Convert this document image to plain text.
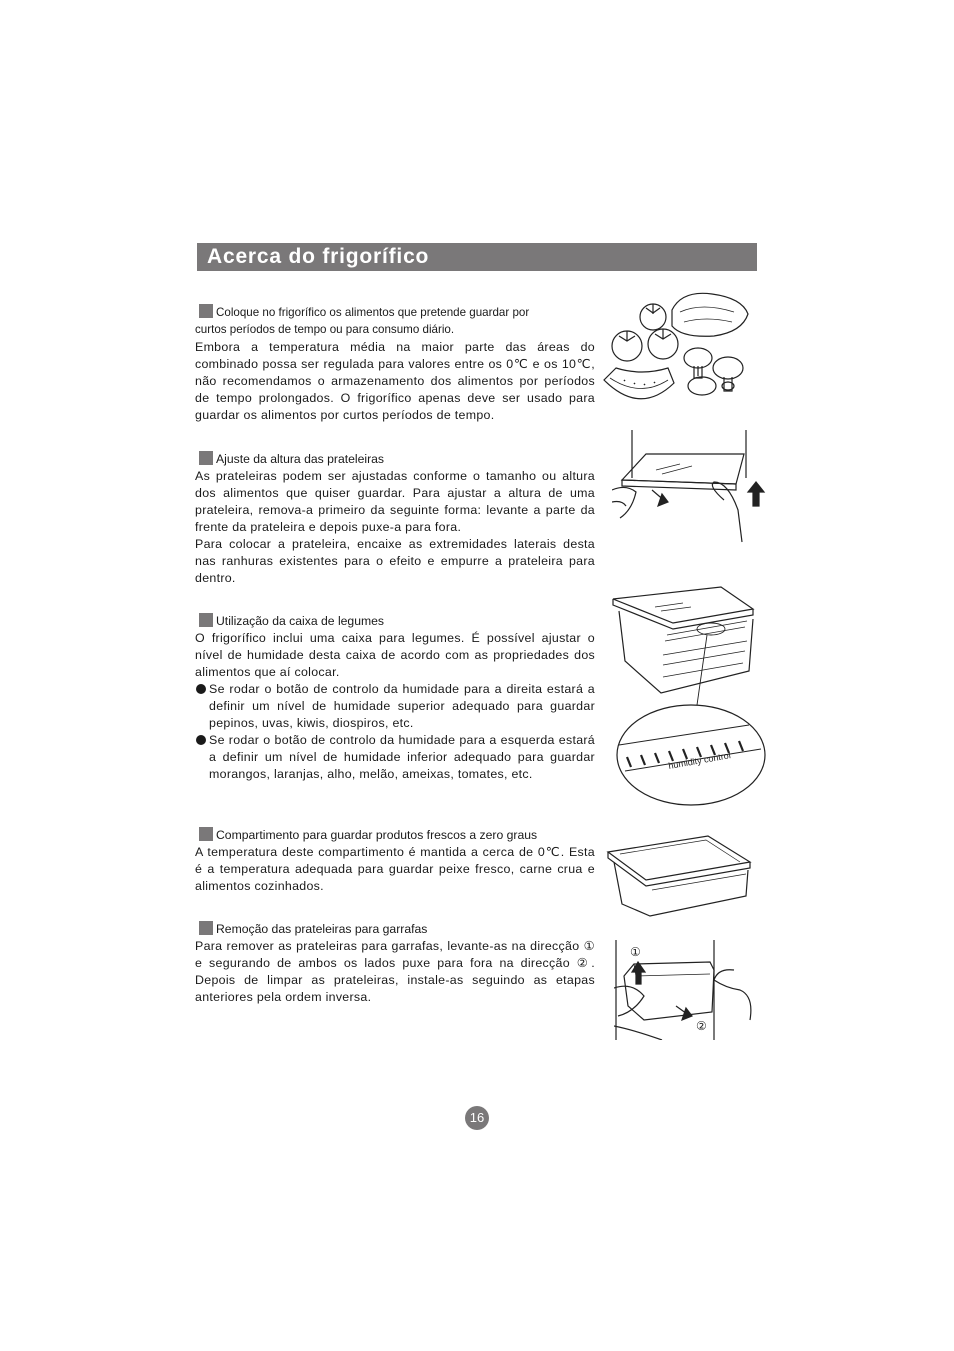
Acerca do frigorífico
Coloque no frigorífico os alimentos que pretende guardar por
curtos períodos de tempo ou para consumo diário.

Embora a temperatura média na maior parte das áreas do combinado possa ser regulada para valores entre os 0℃ e os 10℃, não recomendamos o armazenamento dos alimentos por períodos de tempo prolongados. O frigorífico apenas deve ser usado para guardar os alimentos por curtos períodos de tempo.

Ajuste da altura das prateleiras

As prateleiras podem ser ajustadas conforme o tamanho ou altura dos alimentos que quiser guardar. Para ajustar a altura de uma prateleira, remova-a primeiro da seguinte forma: levante a parte da frente da prateleira e depois puxe-a para fora.

Para colocar a prateleira, encaixe as extremidades laterais desta nas ranhuras existentes para o efeito e empurre a prateleira para dentro.

Utilização da caixa de legumes

O frigorífico inclui uma caixa para legumes. É possível ajustar o nível de humidade desta caixa de acordo com as propriedades dos alimentos que aí colocar.

Se rodar o botão de controlo da humidade para a direita estará a definir um nível de humidade superior adequado para guardar pepinos, uvas, kiwis, diospiros, etc.
Se rodar o botão de controlo da humidade para a esquerda estará a definir um nível de humidade inferior adequado para guardar morangos, laranjas, alho, melão, ameixas, tomates, etc.
Compartimento para guardar produtos frescos a zero graus

A temperatura deste compartimento é mantida a cerca de 0℃. Esta é a temperatura adequada para guardar peixe fresco, carne crua e alimentos cozinhados.

Remoção das prateleiras para garrafas

Para remover as prateleiras para garrafas, levante-as na direcção ① e segurando de ambos os lados puxe para fora na direcção ②. Depois de limpar as prateleiras, instale-as seguindo as etapas anteriores pela ordem inversa.

humidity control
①
②
16
